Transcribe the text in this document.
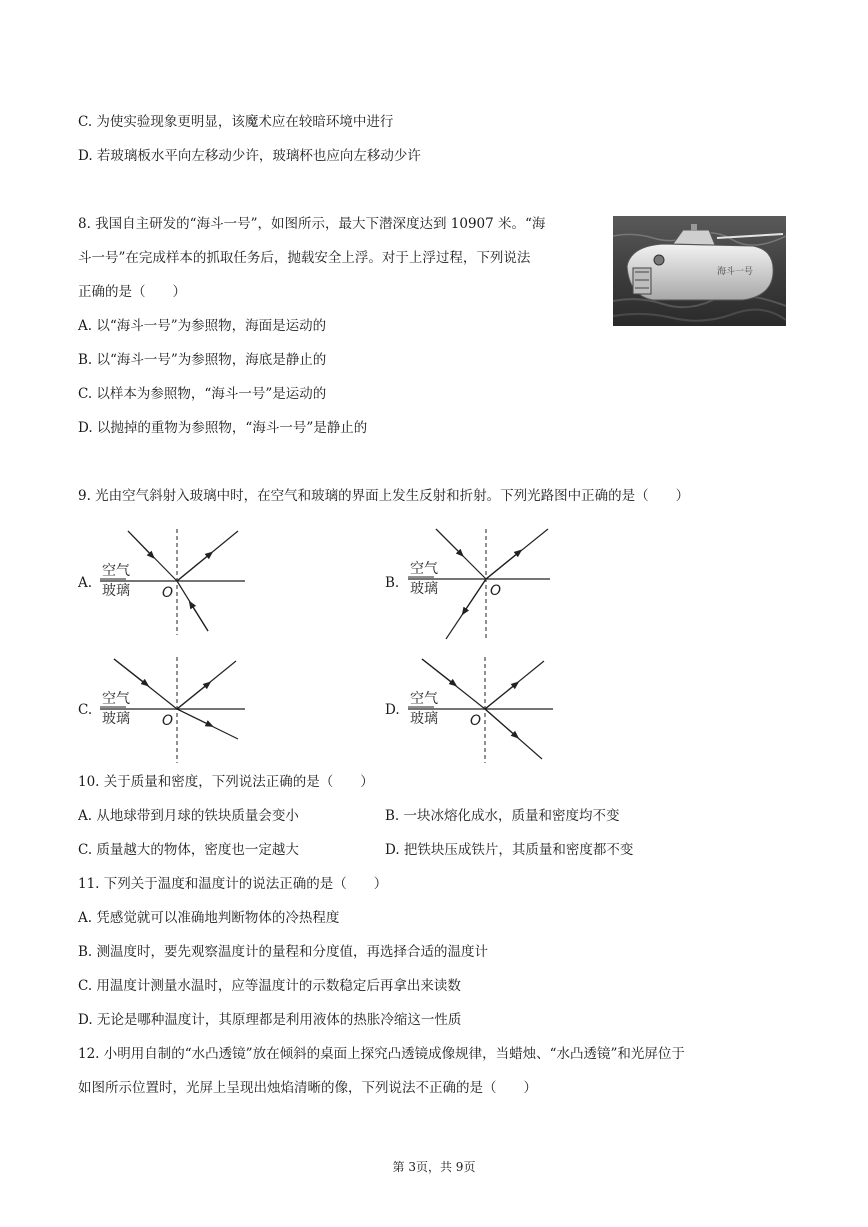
C. 为使实验现象更明显，该魔术应在较暗环境中进行
D. 若玻璃板水平向左移动少许，玻璃杯也应向左移动少许
8. 我国自主研发的“海斗一号”，如图所示，最大下潜深度达到 10907 米。“海
斗一号”在完成样本的抓取任务后，抛载安全上浮。对于上浮过程，下列说法
正确的是（　　）
A. 以“海斗一号”为参照物，海面是运动的
B. 以“海斗一号”为参照物，海底是静止的
C. 以样本为参照物，“海斗一号”是运动的
D. 以抛掉的重物为参照物，“海斗一号”是静止的
海斗一号
9. 光由空气斜射入玻璃中时，在空气和玻璃的界面上发生反射和折射。下列光路图中正确的是（　　）
A.
空气
玻璃 O
B.
空气
玻璃	O
C.
空气
玻璃 O
D.
空气
玻璃 O
10. 关于质量和密度，下列说法正确的是（　　）
A. 从地球带到月球的铁块质量会变小	B. 一块冰熔化成水，质量和密度均不变
C. 质量越大的物体，密度也一定越大	D. 把铁块压成铁片，其质量和密度都不变
11. 下列关于温度和温度计的说法正确的是（　　）
A. 凭感觉就可以准确地判断物体的冷热程度
B. 测温度时，要先观察温度计的量程和分度值，再选择合适的温度计
C. 用温度计测量水温时，应等温度计的示数稳定后再拿出来读数
D. 无论是哪种温度计，其原理都是利用液体的热胀冷缩这一性质
12. 小明用自制的“水凸透镜”放在倾斜的桌面上探究凸透镜成像规律，当蜡烛、“水凸透镜”和光屏位于
如图所示位置时，光屏上呈现出烛焰清晰的像，下列说法不正确的是（　　）
第 3页，共 9页
